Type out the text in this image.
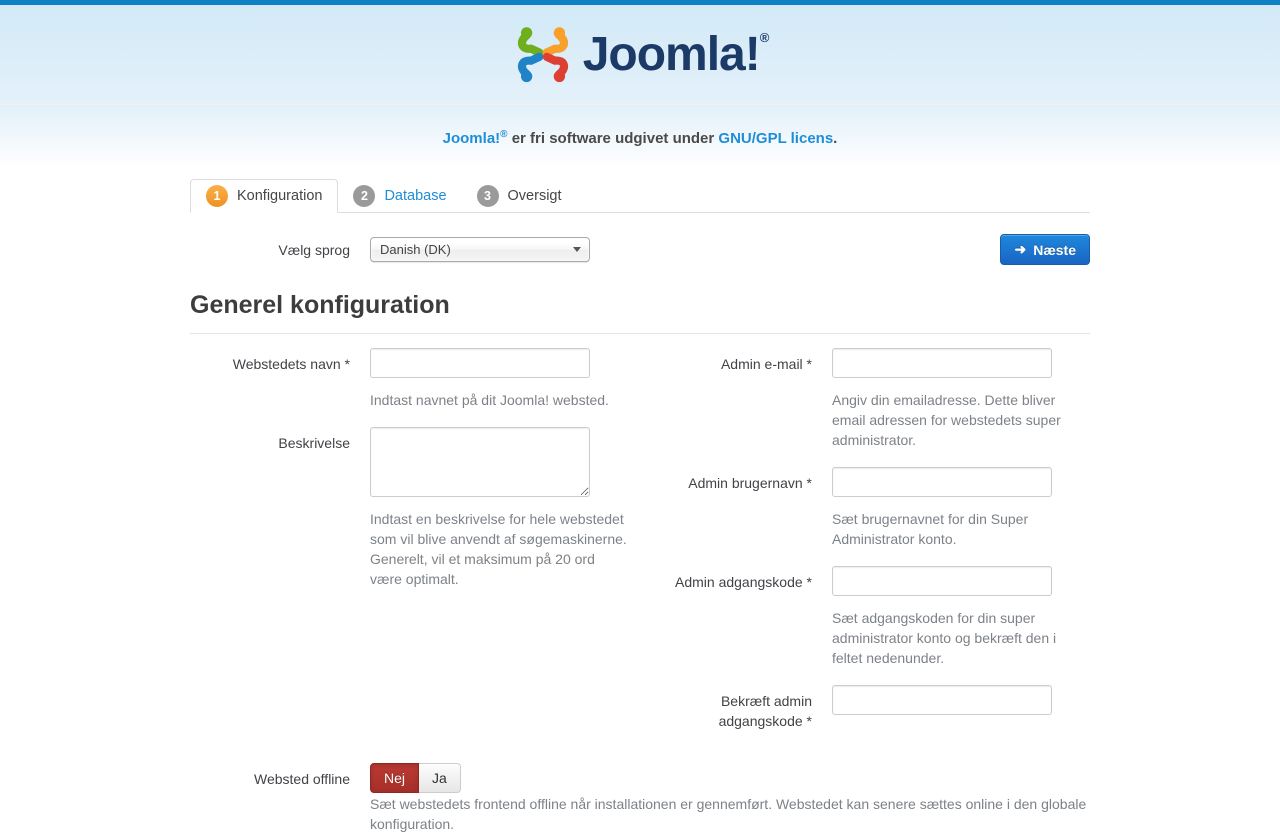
Joomla! ®

Joomla!® er fri software udgivet under GNU/GPL licens.

1	Konfiguration	2	Database	3	Oversigt
Vælg sprog Danish (DK)	➜ Næste
Generel konfiguration
Webstedets navn *

Indtast navnet på dit Joomla! websted.

Beskrivelse

Indtast en beskrivelse for hele webstedet som vil blive anvendt af søgemaskinerne. Generelt, vil et maksimum på 20 ord være optimalt.

Admin e-mail *

Angiv din emailadresse. Dette bliver email adressen for webstedets super administrator.

Admin brugernavn *

Sæt brugernavnet for din Super Administrator konto.

Admin adgangskode *

Sæt adgangskoden for din super administrator konto og bekræft den i feltet nedenunder.

Bekræft admin adgangskode *
Websted offline	Nej	Ja

Sæt webstedets frontend offline når installationen er gennemført. Webstedet kan senere sættes online i den globale konfiguration.
